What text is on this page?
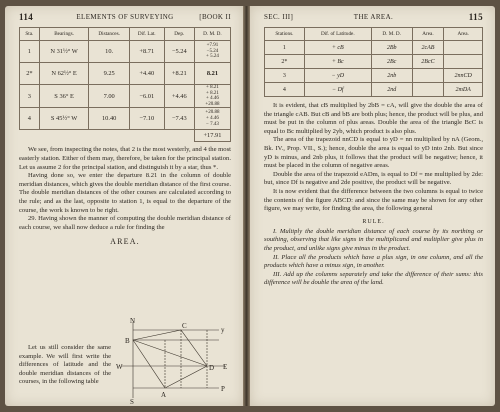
114	ELEMENTS OF SURVEYING	[BOOK II
Sta.	Bearings.	Distances.	Dif. Lat.	Dep.	D. M. D.
1	N 31½° W	10.	+8.71	−5.24	+7.91
−5.24
+ 5.24

2*	N 62½° E	9.25	+4.40	+8.21	8.21
3	S 36° E	7.00	−6.01	+4.46	+ 8.21
+ 8.21
+ 4.46
+20.88

4	S 45½° W	10.40	−7.10	−7.43	+20.88
+ 4.46
− 7.43

					+17.91

We see, from inspecting the notes, that 2 is the most westerly, and 4 the most easterly station. Either of them may, therefore, be taken for the principal station. Let us assume 2 for the principal station, and distinguish it by a star, thus *.

Having done so, we enter the departure 8.21 in the column of double meridian distances, which gives the double meridian distance of the first course. The double meridian distances of the other courses are calculated according to the rule; and as the last, opposite to station 1, is equal to the departure of the course, the work is known to be right.

29. Having shown the manner of computing the double meridian distance of each course, we shall now deduce a rule for finding the

AREA.

Let us still consider the same example. We will first write the differences of latitude and the double meridian distances of the courses, in the following table

N
S
W	E
B
C
D
A
y
P
SEC. III]	THE AREA.	115
Stations.	Dif. of Latitude.	D. M. D.	Area.	Area.
1	+ cB	2Bb	2cAB	
2*	+ Bc	2Bc	2BcC	
3	− yD	2nb		2nnCD
4	− Df	2nd		2mDA

It is evident, that cB multiplied by 2bB = cA, will give the double the area of the triangle cAB. But cB and bB are both plus; hence, the product will be plus, and must be put in the column of plus areas. Double the area of the triangle BcC is equal to Bc multiplied by 2yb, which product is also plus.

The area of the trapezoid nnCD is equal to yD = nn multiplied by nA (Geom., Bk. IV., Prop. VII., S.); hence, double the area is equal to yD into 2nb. But since yD is minus, and 2nb plus, it follows that the product will be negative; hence, it must be placed in the column of negative areas.

Double the area of the trapezoid eADm, is equal to Df = me multiplied by 2de: but, since Df is negative and 2de positive, the product will be negative.

It is now evident that the difference between the two columns is equal to twice the contents of the figure ABCD: and since the same may be shown for any other figure, we may write, for finding the area, the following general

RULE.

I. Multiply the double meridian distance of each course by its northing or southing, observing that like signs in the multiplicand and multiplier give plus in the product, and unlike signs give minus in the product.

II. Place all the products which have a plus sign, in one column, and all the products which have a minus sign, in another.

III. Add up the columns separately and take the difference of their sums: this difference will be double the area of the land.
